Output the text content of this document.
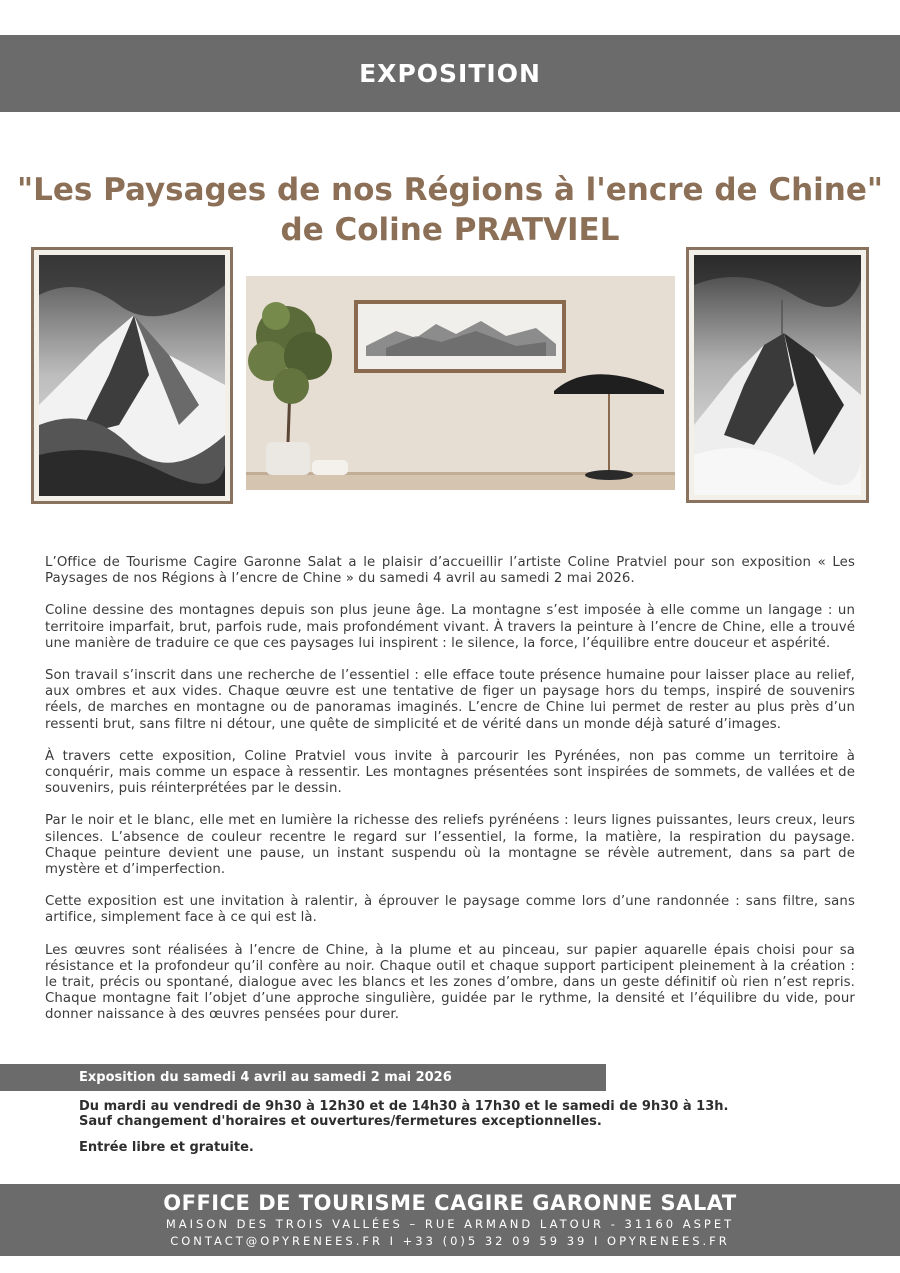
EXPOSITION
"Les Paysages de nos Régions à l'encre de Chine"
de Coline PRATVIEL

L’Office de Tourisme Cagire Garonne Salat a le plaisir d’accueillir l’artiste Coline Pratviel pour son exposition « Les Paysages de nos Régions à l’encre de Chine » du samedi 4 avril au samedi 2 mai 2026.

Coline dessine des montagnes depuis son plus jeune âge. La montagne s’est imposée à elle comme un langage : un territoire imparfait, brut, parfois rude, mais profondément vivant. À travers la peinture à l’encre de Chine, elle a trouvé une manière de traduire ce que ces paysages lui inspirent : le silence, la force, l’équilibre entre douceur et aspérité.

Son travail s’inscrit dans une recherche de l’essentiel : elle efface toute présence humaine pour laisser place au relief, aux ombres et aux vides. Chaque œuvre est une tentative de figer un paysage hors du temps, inspiré de souvenirs réels, de marches en montagne ou de panoramas imaginés. L’encre de Chine lui permet de rester au plus près d’un ressenti brut, sans filtre ni détour, une quête de simplicité et de vérité dans un monde déjà saturé d’images.

À travers cette exposition, Coline Pratviel vous invite à parcourir les Pyrénées, non pas comme un territoire à conquérir, mais comme un espace à ressentir. Les montagnes présentées sont inspirées de sommets, de vallées et de souvenirs, puis réinterprétées par le dessin.

Par le noir et le blanc, elle met en lumière la richesse des reliefs pyrénéens : leurs lignes puissantes, leurs creux, leurs silences. L’absence de couleur recentre le regard sur l’essentiel, la forme, la matière, la respiration du paysage. Chaque peinture devient une pause, un instant suspendu où la montagne se révèle autrement, dans sa part de mystère et d’imperfection.

Cette exposition est une invitation à ralentir, à éprouver le paysage comme lors d’une randonnée : sans filtre, sans artifice, simplement face à ce qui est là.

Les œuvres sont réalisées à l’encre de Chine, à la plume et au pinceau, sur papier aquarelle épais choisi pour sa résistance et la profondeur qu’il confère au noir. Chaque outil et chaque support participent pleinement à la création : le trait, précis ou spontané, dialogue avec les blancs et les zones d’ombre, dans un geste définitif où rien n’est repris. Chaque montagne fait l’objet d’une approche singulière, guidée par le rythme, la densité et l’équilibre du vide, pour donner naissance à des œuvres pensées pour durer.

Exposition du samedi 4 avril au samedi 2 mai 2026
Du mardi au vendredi de 9h30 à 12h30 et de 14h30 à 17h30 et le samedi de 9h30 à 13h.
Sauf changement d'horaires et ouvertures/fermetures exceptionnelles.
Entrée libre et gratuite.
OFFICE DE TOURISME CAGIRE GARONNE SALAT
MAISON DES TROIS VALLÉES – RUE ARMAND LATOUR - 31160 ASPET
CONTACT@OPYRENEES.FR I +33 (0)5 32 09 59 39 I OPYRENEES.FR
